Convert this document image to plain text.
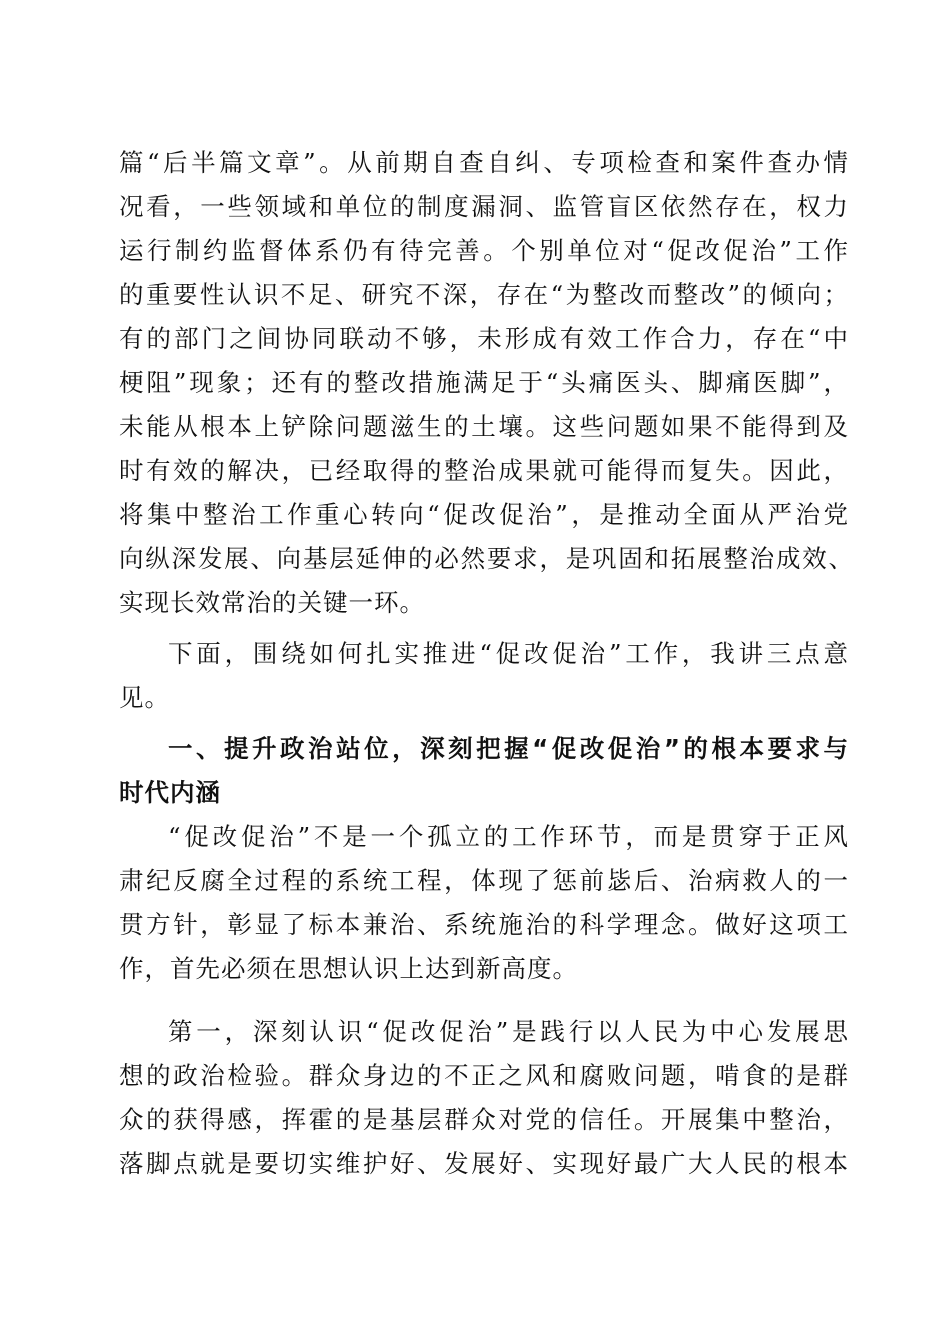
篇“后半篇文章”。从前期自查自纠、专项检查和案件查办情
况看，一些领域和单位的制度漏洞、监管盲区依然存在，权力
运行制约监督体系仍有待完善。个别单位对“促改促治”工作
的重要性认识不足、研究不深，存在“为整改而整改”的倾向；
有的部门之间协同联动不够，未形成有效工作合力，存在“中
梗阻”现象；还有的整改措施满足于“头痛医头、脚痛医脚”，
未能从根本上铲除问题滋生的土壤。这些问题如果不能得到及
时有效的解决，已经取得的整治成果就可能得而复失。因此，
将集中整治工作重心转向“促改促治”，是推动全面从严治党
向纵深发展、向基层延伸的必然要求，是巩固和拓展整治成效、
实现长效常治的关键一环。
下面，围绕如何扎实推进“促改促治”工作，我讲三点意
见。
一、提升政治站位，深刻把握“促改促治”的根本要求与
时代内涵
“促改促治”不是一个孤立的工作环节，而是贯穿于正风
肃纪反腐全过程的系统工程，体现了惩前毖后、治病救人的一
贯方针，彰显了标本兼治、系统施治的科学理念。做好这项工
作，首先必须在思想认识上达到新高度。
第一，深刻认识“促改促治”是践行以人民为中心发展思
想的政治检验。群众身边的不正之风和腐败问题，啃食的是群
众的获得感，挥霍的是基层群众对党的信任。开展集中整治，
落脚点就是要切实维护好、发展好、实现好最广大人民的根本
